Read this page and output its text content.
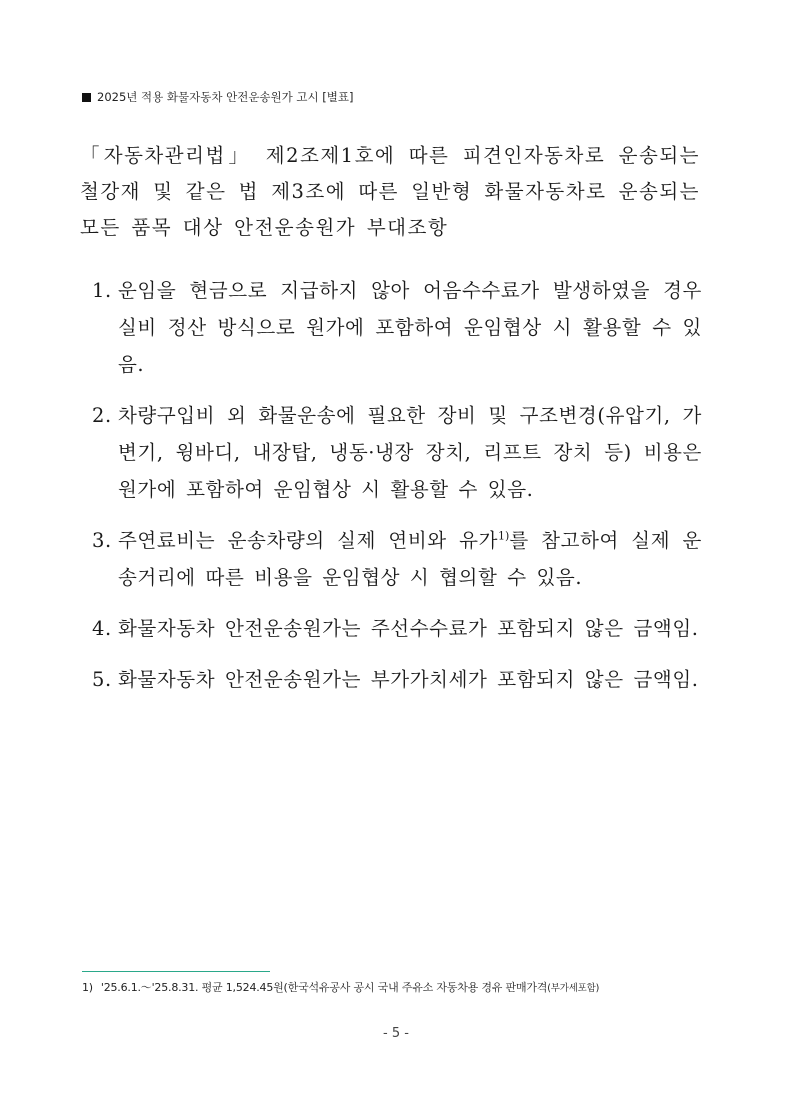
2025년 적용 화물자동차 안전운송원가 고시 [별표]
「자동차관리법」 제2조제1호에 따른 피견인자동차로 운송되는 철강재 및 같은 법 제3조에 따른 일반형 화물자동차로 운송되는 모든 품목 대상 안전운송원가 부대조항
1. 운임을 현금으로 지급하지 않아 어음수수료가 발생하였을 경우 실비 정산 방식으로 원가에 포함하여 운임협상 시 활용할 수 있음.
2. 차량구입비 외 화물운송에 필요한 장비 및 구조변경(유압기, 가변기, 윙바디, 내장탑, 냉동·냉장 장치, 리프트 장치 등) 비용은 원가에 포함하여 운임협상 시 활용할 수 있음.
3. 주연료비는 운송차량의 실제 연비와 유가$^{1)}$를 참고하여 실제 운송거리에 따른 비용을 운임협상 시 협의할 수 있음.
4. 화물자동차 안전운송원가는 주선수수료가 포함되지 않은 금액임.
5. 화물자동차 안전운송원가는 부가가치세가 포함되지 않은 금액임.
1) '25.6.1.～'25.8.31. 평균 1,524.45원(한국석유공사 공시 국내 주유소 자동차용 경유 판매가격(부가세포함)
- 5 -
